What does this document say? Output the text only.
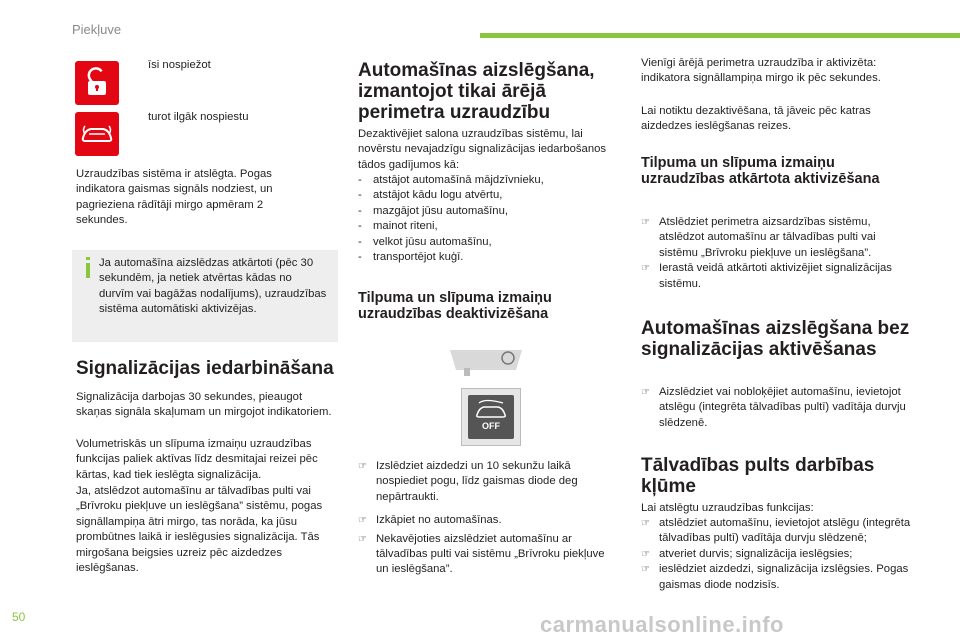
Piekļuve
50	carmanualsonline.info
īsi nospiežot
turot ilgāk nospiestu
Uzraudzības sistēma ir atslēgta. Pogas indikatora gaismas signāls nodziest, un pagrieziena rādītāji mirgo apmēram 2 sekundes.
Ja automašīna aizslēdzas atkārtoti (pēc 30 sekundēm, ja netiek atvērtas kādas no durvīm vai bagāžas nodalījums), uzraudzības sistēma automātiski aktivizējas.
Signalizācijas iedarbināšana
Signalizācija darbojas 30 sekundes, pieaugot skaņas signāla skaļumam un mirgojot indikatoriem.
Volumetriskās un slīpuma izmaiņu uzraudzības funkcijas paliek aktīvas līdz desmitajai reizei pēc kārtas, kad tiek ieslēgta signalizācija.
Ja, atslēdzot automašīnu ar tālvadības pulti vai „Brīvroku piekļuve un ieslēgšana” sistēmu, pogas signāllampiņa ātri mirgo, tas norāda, ka jūsu prombūtnes laikā ir ieslēgusies signalizācija. Tās mirgošana beigsies uzreiz pēc aizdedzes ieslēgšanas.
Automašīnas aizslēgšana, izmantojot tikai ārējā perimetra uzraudzību
Dezaktivējiet salona uzraudzības sistēmu, lai novērstu nevajadzīgu signalizācijas iedarbošanos tādos gadījumos kā:
- atstājot automašīnā mājdzīvnieku,
- atstājot kādu logu atvērtu,
- mazgājot jūsu automašīnu,
- mainot riteni,
- velkot jūsu automašīnu,
- transportējot kuģī.
Tilpuma un slīpuma izmaiņu uzraudzības deaktivizēšana
OFF
☞ Izslēdziet aizdedzi un 10 sekunžu laikā nospiediet pogu, līdz gaismas diode deg nepārtraukti.
☞ Izkāpiet no automašīnas.
☞ Nekavējoties aizslēdziet automašīnu ar tālvadības pulti vai sistēmu „Brīvroku piekļuve un ieslēgšana”.
Vienīgi ārējā perimetra uzraudzība ir aktivizēta: indikatora signāllampiņa mirgo ik pēc sekundes.
Lai notiktu dezaktivēšana, tā jāveic pēc katras aizdedzes ieslēgšanas reizes.
Tilpuma un slīpuma izmaiņu uzraudzības atkārtota aktivizēšana
☞ Atslēdziet perimetra aizsardzības sistēmu, atslēdzot automašīnu ar tālvadības pulti vai sistēmu „Brīvroku piekļuve un ieslēgšana”.
☞ Ierastā veidā atkārtoti aktivizējiet signalizācijas sistēmu.
Automašīnas aizslēgšana bez signalizācijas aktivēšanas
☞ Aizslēdziet vai nobloķējiet automašīnu, ievietojot atslēgu (integrēta tālvadības pultī) vadītāja durvju slēdzenē.
Tālvadības pults darbības kļūme
Lai atslēgtu uzraudzības funkcijas:
☞ atslēdziet automašīnu, ievietojot atslēgu (integrēta tālvadības pultī) vadītāja durvju slēdzenē;
☞ atveriet durvis; signalizācija ieslēgsies;
☞ ieslēdziet aizdedzi, signalizācija izslēgsies. Pogas gaismas diode nodzisīs.
